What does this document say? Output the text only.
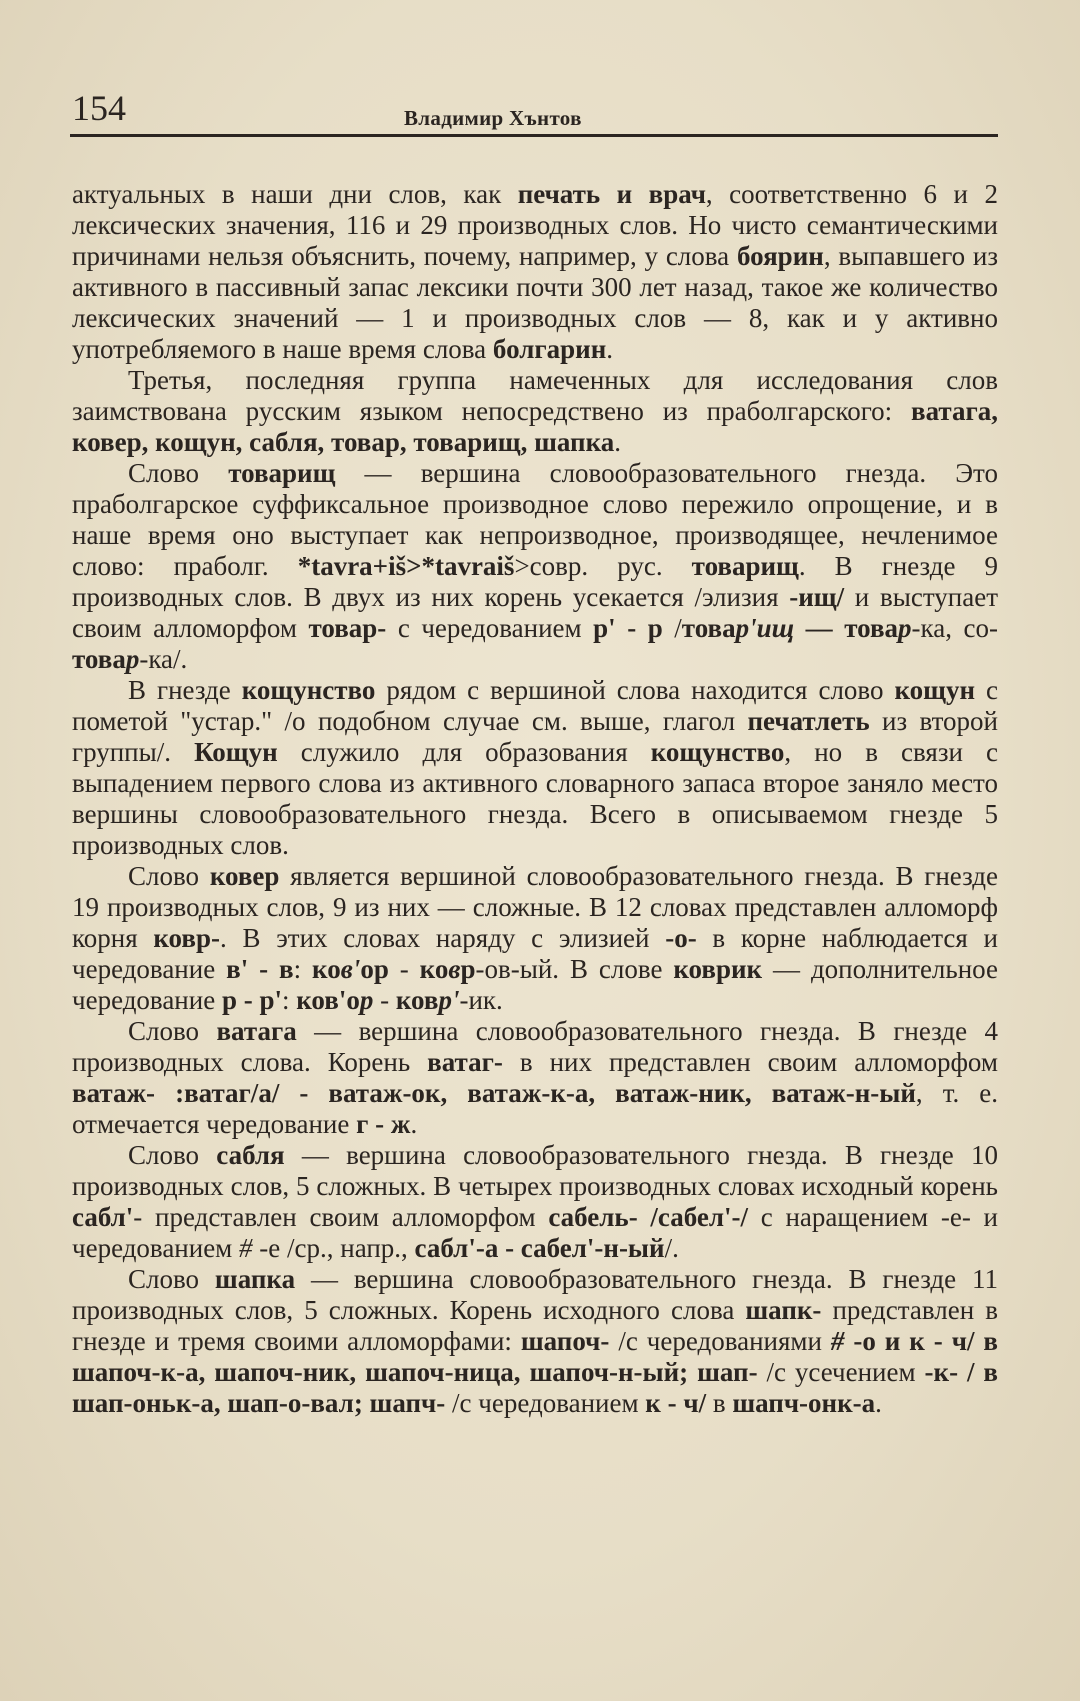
154	Владимир Хънтов

актуальных в наши дни слов, как печать и врач, соответственно 6 и 2 лексических значения, 116 и 29 производных слов. Но чисто семантическими причинами нельзя объяснить, почему, например, у слова боярин, выпавшего из активного в пассивный запас лексики почти 300 лет назад, такое же количество лексических значений — 1 и производных слов — 8, как и у активно употребляемого в наше время слова болгарин.

Третья, последняя группа намеченных для исследования слов заимствована русским языком непосредствено из праболгарского: ватага, ковер, кощун, сабля, товар, товарищ, шапка.

Слово товарищ — вершина словообразовательного гнезда. Это праболгарское суффиксальное производное слово пережило опрощение, и в наше время оно выступает как непроизводное, производящее, нечленимое слово: праболг. *tavra+iš>*tavraiš>совр. рус. товарищ. В гнезде 9 производных слов. В двух из них корень усекается /элизия -ищ/ и выступает своим алломорфом товар- с чередованием р' - р /товар'ищ — товар-ка, со-товар-ка/.

В гнезде кощунство рядом с вершиной слова находится слово кощун с пометой "устар." /о подобном случае см. выше, глагол печатлеть из второй группы/. Кощун служило для образования кощунство, но в связи с выпадением первого слова из активного словарного запаса второе заняло место вершины словообразовательного гнезда. Всего в описываемом гнезде 5 производных слов.

Слово ковер является вершиной словообразовательного гнезда. В гнезде 19 производных слов, 9 из них — сложные. В 12 словах представлен алломорф корня ковр-. В этих словах наряду с элизией -о- в корне наблюдается и чередование в' - в: ков'ор - ковр-ов-ый. В слове коврик — дополнительное чередование р - р': ков'ор - ковр'-ик.

Слово ватага — вершина словообразовательного гнезда. В гнезде 4 производных слова. Корень ватаг- в них представлен своим алломорфом ватаж- :ватаг/а/ - ватаж-ок, ватаж-к-а, ватаж-ник, ватаж-н-ый, т. е. отмечается чередование г - ж.

Слово сабля — вершина словообразовательного гнезда. В гнезде 10 производных слов, 5 сложных. В четырех производных словах исходный корень сабл'- представлен своим алломорфом сабель- /сабел'-/ с наращением -е- и чередованием # -е /ср., напр., сабл'-а - сабел'-н-ый/.

Слово шапка — вершина словообразовательного гнезда. В гнезде 11 производных слов, 5 сложных. Корень исходного слова шапк- представлен в гнезде и тремя своими алломорфами: шапоч- /с чередованиями # -о и к - ч/ в шапоч-к-а, шапоч-ник, шапоч-ница, шапоч-н-ый; шап- /с усечением -к- / в шап-оньк-а, шап-о-вал; шапч- /с чередованием к - ч/ в шапч-онк-а.
